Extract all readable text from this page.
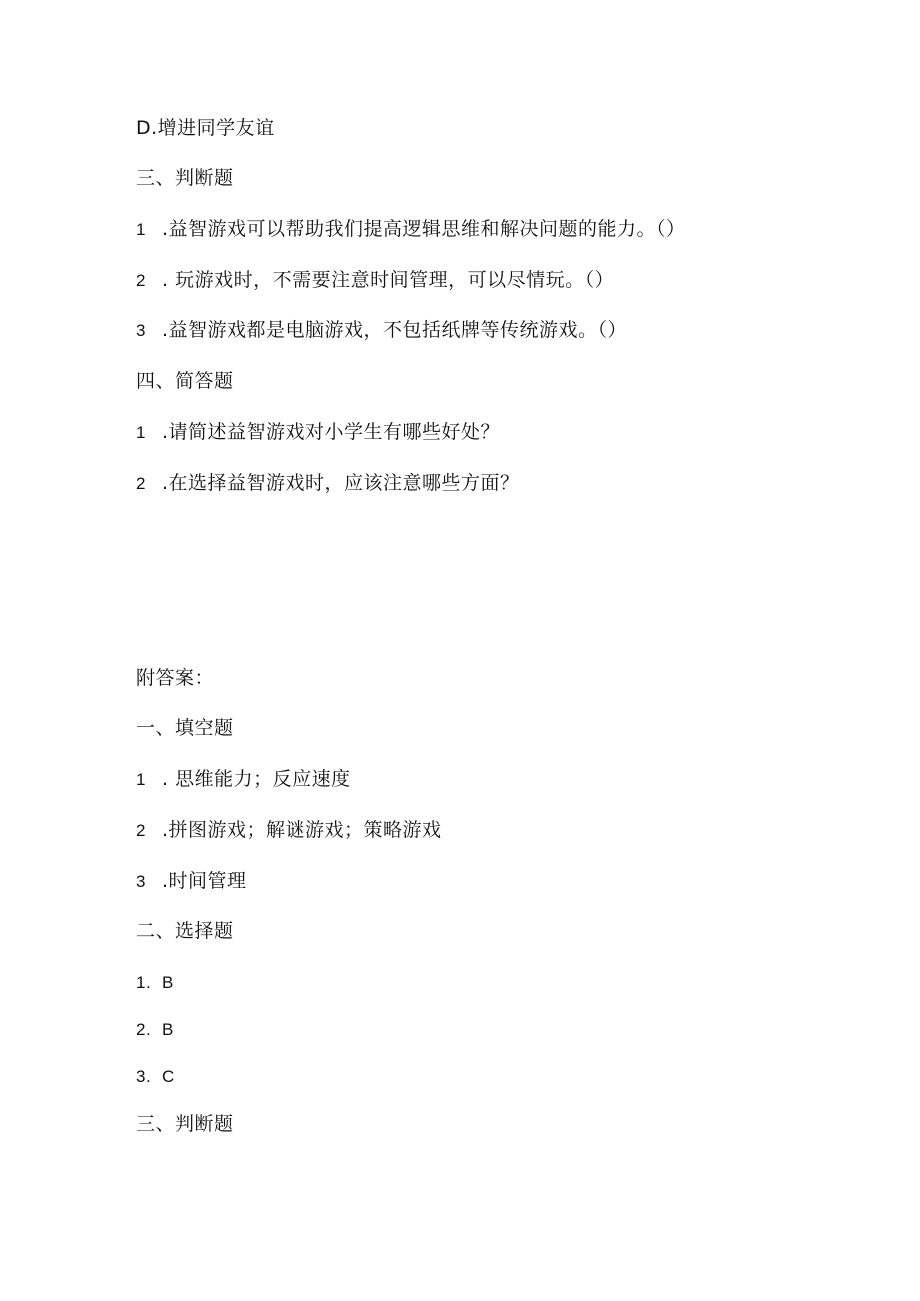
D.增进同学友谊
三、判断题
1 .益智游戏可以帮助我们提高逻辑思维和解决问题的能力。（）
2 . 玩游戏时，不需要注意时间管理，可以尽情玩。（）
3 .益智游戏都是电脑游戏，不包括纸牌等传统游戏。（）
四、简答题
1 .请简述益智游戏对小学生有哪些好处？
2 .在选择益智游戏时，应该注意哪些方面？
附答案：
一、填空题
1 . 思维能力；反应速度
2 .拼图游戏；解谜游戏；策略游戏
3 .时间管理
二、选择题
1. B
2. B
3. C
三、判断题
